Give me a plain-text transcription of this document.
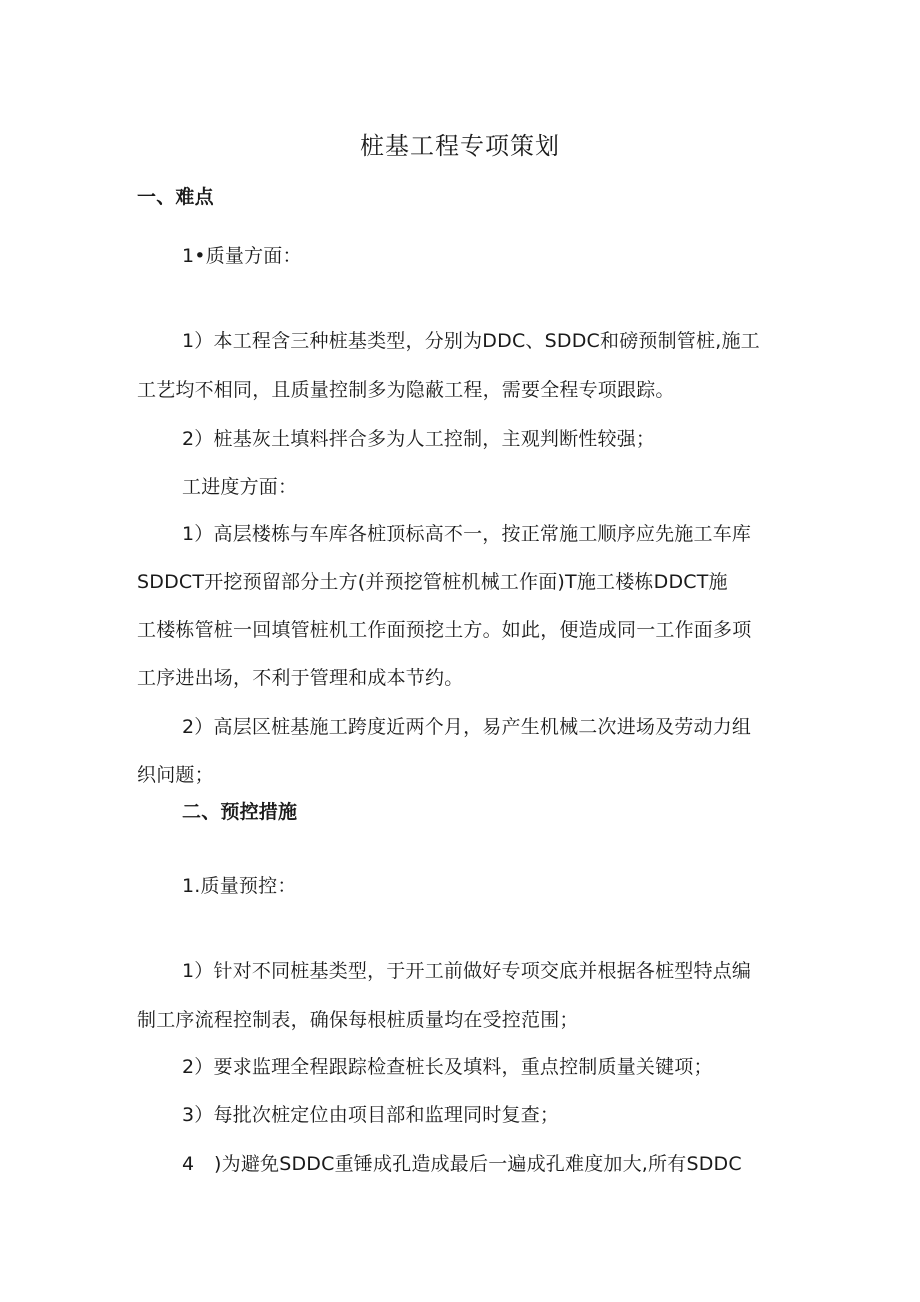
桩基工程专项策划
一、难点
1•质量方面：
1）本工程含三种桩基类型，分别为DDC、SDDC和磅预制管桩,施工
工艺均不相同，且质量控制多为隐蔽工程，需要全程专项跟踪。
2）桩基灰土填料拌合多为人工控制，主观判断性较强；
工进度方面：
1）高层楼栋与车库各桩顶标高不一，按正常施工顺序应先施工车库
SDDCT开挖预留部分土方(并预挖管桩机械工作面)T施工楼栋DDCT施
工楼栋管桩一回填管桩机工作面预挖土方。如此，便造成同一工作面多项
工序进出场，不利于管理和成本节约。
2）高层区桩基施工跨度近两个月，易产生机械二次进场及劳动力组
织问题；
二、预控措施
1.质量预控：
1）针对不同桩基类型，于开工前做好专项交底并根据各桩型特点编
制工序流程控制表，确保每根桩质量均在受控范围；
2）要求监理全程跟踪检查桩长及填料，重点控制质量关键项；
3）每批次桩定位由项目部和监理同时复查；
4 )为避免SDDC重锤成孔造成最后一遍成孔难度加大,所有SDDC
